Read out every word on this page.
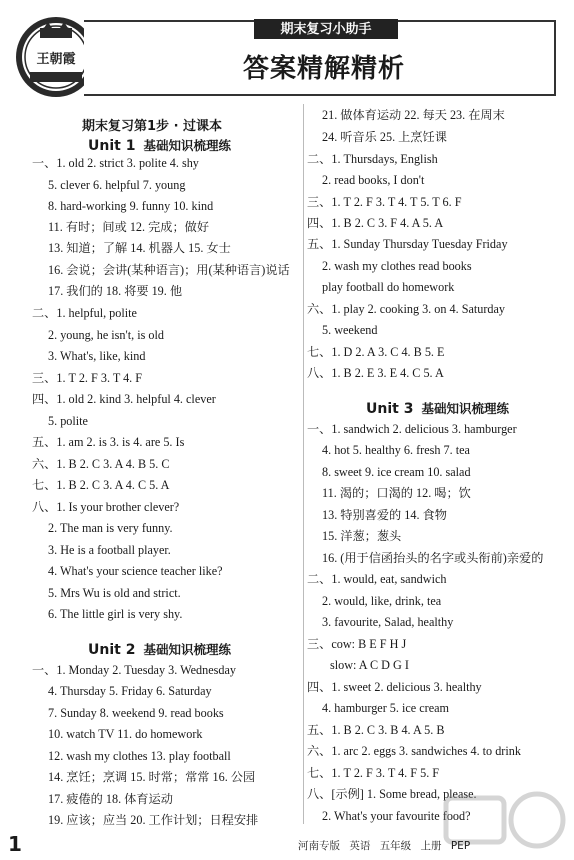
王朝霞
期末复习小助手
答案精解精析
期末复习第1步 · 过课本
Unit 1 基础知识梳理练
一、1. old 2. strict 3. polite 4. shy
5. clever 6. helpful 7. young
8. hard-working 9. funny 10. kind
11. 有时；间或 12. 完成；做好
13. 知道；了解 14. 机器人 15. 女士
16. 会说；会讲(某种语言)；用(某种语言)说话
17. 我们的 18. 将要 19. 他
二、1. helpful, polite
2. young, he isn't, is old
3. What's, like, kind
三、1. T 2. F 3. T 4. F
四、1. old 2. kind 3. helpful 4. clever
5. polite
五、1. am 2. is 3. is 4. are 5. Is
六、1. B 2. C 3. A 4. B 5. C
七、1. B 2. C 3. A 4. C 5. A
八、1. Is your brother clever?
2. The man is very funny.
3. He is a football player.
4. What's your science teacher like?
5. Mrs Wu is old and strict.
6. The little girl is very shy.
Unit 2 基础知识梳理练
一、1. Monday 2. Tuesday 3. Wednesday
4. Thursday 5. Friday 6. Saturday
7. Sunday 8. weekend 9. read books
10. watch TV 11. do homework
12. wash my clothes 13. play football
14. 烹饪；烹调 15. 时常；常常 16. 公园
17. 疲倦的 18. 体育运动
19. 应该；应当 20. 工作计划；日程安排
21. 做体育运动 22. 每天 23. 在周末
24. 听音乐 25. 上烹饪课
二、1. Thursdays, English
2. read books, I don't
三、1. T 2. F 3. T 4. T 5. T 6. F
四、1. B 2. C 3. F 4. A 5. A
五、1. Sunday Thursday Tuesday Friday
2. wash my clothes read books
play football do homework
六、1. play 2. cooking 3. on 4. Saturday
5. weekend
七、1. D 2. A 3. C 4. B 5. E
八、1. B 2. E 3. E 4. C 5. A
Unit 3 基础知识梳理练
一、1. sandwich 2. delicious 3. hamburger
4. hot 5. healthy 6. fresh 7. tea
8. sweet 9. ice cream 10. salad
11. 渴的；口渴的 12. 喝；饮
13. 特别喜爱的 14. 食物
15. 洋葱；葱头
16. (用于信函抬头的名字或头衔前)亲爱的
二、1. would, eat, sandwich
2. would, like, drink, tea
3. favourite, Salad, healthy
三、cow: B E F H J
slow: A C D G I
四、1. sweet 2. delicious 3. healthy
4. hamburger 5. ice cream
五、1. B 2. C 3. B 4. A 5. B
六、1. arc 2. eggs 3. sandwiches 4. to drink
七、1. T 2. F 3. T 4. F 5. F
八、[示例] 1. Some bread, please.
2. What's your favourite food?
1	河南专版 英语 五年级 上册 PEP
